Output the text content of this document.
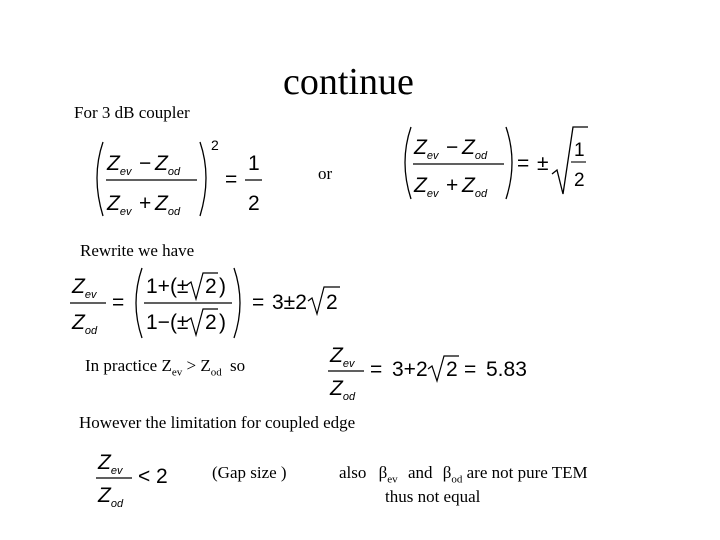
continue
For 3 dB coupler
$Z_{ev} - Z_{od}$
$Z_{ev} + Z_{od}$
2
=
1
2
or
$Z_{ev} - Z_{od}$
$Z_{ev} + Z_{od}$
= ±
1
2
Rewrite we have
$Z_{ev}$
$Z_{od}$
=
1+(± 2 )
1−(± 2 )
= 3±2 2
In practice $Z_{ev} > Z_{od}$ so	$Z_{ev}$
$Z_{od}$
= 3+2 2 = 5.83
However the limitation for coupled edge
$Z_{ev}$
$Z_{od}$
< 2	(Gap size )	also $\beta_{ev}$ and $\beta_{od}$ are not pure TEM
thus not equal
